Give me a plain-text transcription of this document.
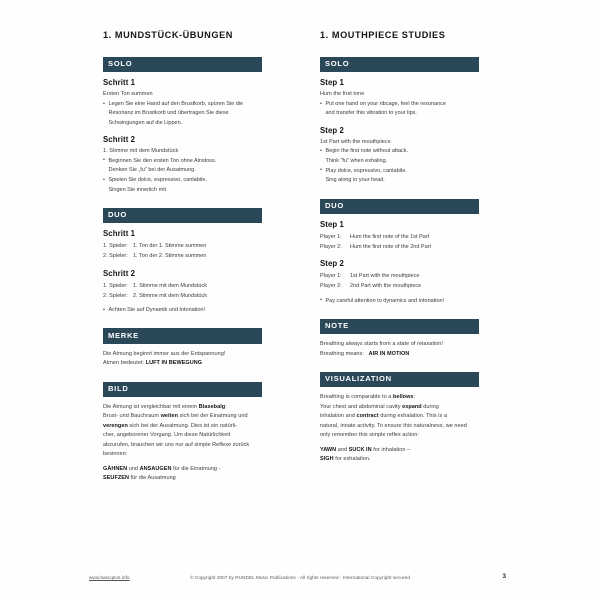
1. MUNDSTÜCK-ÜBUNGEN
SOLO
Schritt 1
Ersten Ton summen
• Legen Sie eine Hand auf den Brustkorb, spüren Sie die
Resonanz im Brustkorb und übertragen Sie diese
Schwingungen auf die Lippen.
Schritt 2
1. Stimme mit dem Mundstück
• Beginnen Sie den ersten Ton ohne Ainstoss.
Denken Sie „fu" bei der Ausatmung.
• Spielen Sie dolce, espressivo, cantabile.
Singen Sie innerlich mit
DUO
Schritt 1
1. Spieler: 1. Ton der 1. Stimme summen
2. Spieler: 1. Ton der 2. Stimme summen
Schritt 2
1. Spieler: 1. Stimme mit dem Mundstück
2. Spieler: 2. Stimme mit dem Mundstück
• Achten Sie auf Dynamik und Intonation!
MERKE
Die Atmung beginnt immer aus der Entspannung!
Atmen bedeutet: LUFT IN BEWEGUNG
BILD
Die Atmung ist vergleichbar mit einem Blasebalg:
Brust- und Bauchraum weiten sich bei der Einatmung und
verengen sich bei der Ausatmung. Dies ist ein natürli-
cher, angeborener Vorgang. Um diese Natürlichkeit
abzurufen, brauchen wir uns nur auf simple Reflexe zurück
besinnen:
GÄHNEN und ANSAUGEN für die Einatmung -
SEUFZEN für die Ausatmung
1. MOUTHPIECE STUDIES
SOLO
Step 1
Hum the first tone
• Put one hand on your ribcage, feel the resonance
and transfer this vibration to your lips.
Step 2
1st Part with the mouthpiece
• Begin the first note without attack.
Think "fu" when exhaling.
• Play dolce, espressivo, cantabile.
Sing along in your head.
DUO
Step 1
Player 1:	Hum the first note of the 1st Part
Player 2:	Hum the first note of the 2nd Part
Step 2
Player 1:	1st Part with the mouthpiece
Player 2:	2nd Part with the mouthpiece
• Pay careful attention to dynamics and intonation!
NOTE
Breathing always starts from a state of relaxation!
Breathing means:   AIR IN MOTION
VISUALIZATION
Breathing is comparable to a bellows:
Your chest and abdominal cavity expand during
inhalation and contract during exhalation. This is a
natural, innate activity. To ensure this naturalness, we need
only remember this simple reflex action:
YAWN and SUCK IN for inhalation –
SIGH for exhalation.
www.basicplus.info	© Copyright 2007 by RUNDEL Music Publications - All rights reserved - International Copyright secured	3
